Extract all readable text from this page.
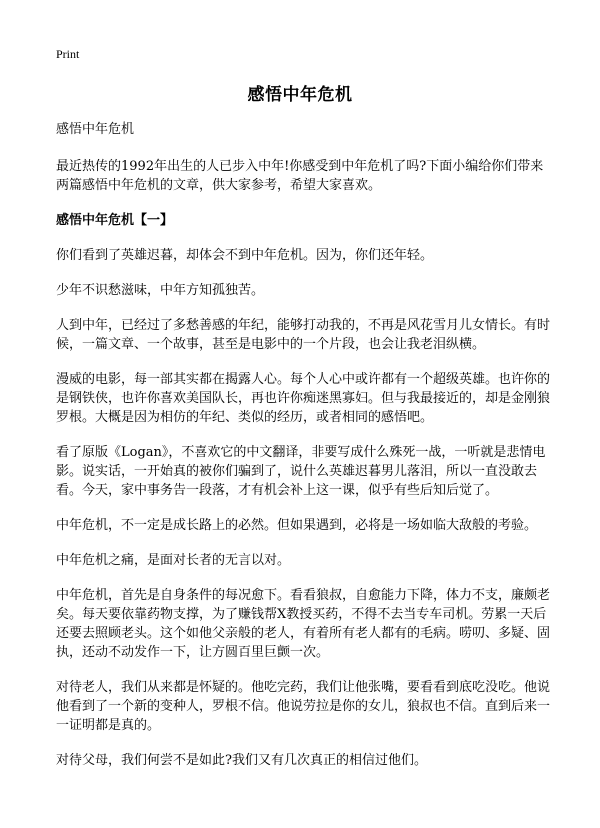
Print
感悟中年危机

感悟中年危机

最近热传的1992年出生的人已步入中年!你感受到中年危机了吗?下面小编给你们带来两篇感悟中年危机的文章，供大家参考，希望大家喜欢。

感悟中年危机【一】

你们看到了英雄迟暮，却体会不到中年危机。因为，你们还年轻。

少年不识愁滋味，中年方知孤独苦。

人到中年，已经过了多愁善感的年纪，能够打动我的，不再是风花雪月儿女情长。有时候，一篇文章、一个故事，甚至是电影中的一个片段，也会让我老泪纵横。

漫威的电影，每一部其实都在揭露人心。每个人心中或许都有一个超级英雄。也许你的是钢铁侠，也许你喜欢美国队长，再也许你痴迷黑寡妇。但与我最接近的，却是金刚狼罗根。大概是因为相仿的年纪、类似的经历，或者相同的感悟吧。

看了原版《Logan》，不喜欢它的中文翻译，非要写成什么殊死一战，一听就是悲情电影。说实话，一开始真的被你们骗到了，说什么英雄迟暮男儿落泪，所以一直没敢去看。今天，家中事务告一段落，才有机会补上这一课，似乎有些后知后觉了。

中年危机，不一定是成长路上的必然。但如果遇到，必将是一场如临大敌般的考验。

中年危机之痛，是面对长者的无言以对。

中年危机，首先是自身条件的每况愈下。看看狼叔，自愈能力下降，体力不支，廉颇老矣。每天要依靠药物支撑，为了赚钱帮X教授买药，不得不去当专车司机。劳累一天后还要去照顾老头。这个如他父亲般的老人，有着所有老人都有的毛病。唠叨、多疑、固执，还动不动发作一下，让方圆百里巨颤一次。

对待老人，我们从来都是怀疑的。他吃完药，我们让他张嘴，要看看到底吃没吃。他说他看到了一个新的变种人，罗根不信。他说劳拉是你的女儿，狼叔也不信。直到后来一一证明都是真的。

对待父母，我们何尝不是如此?我们又有几次真正的相信过他们。
